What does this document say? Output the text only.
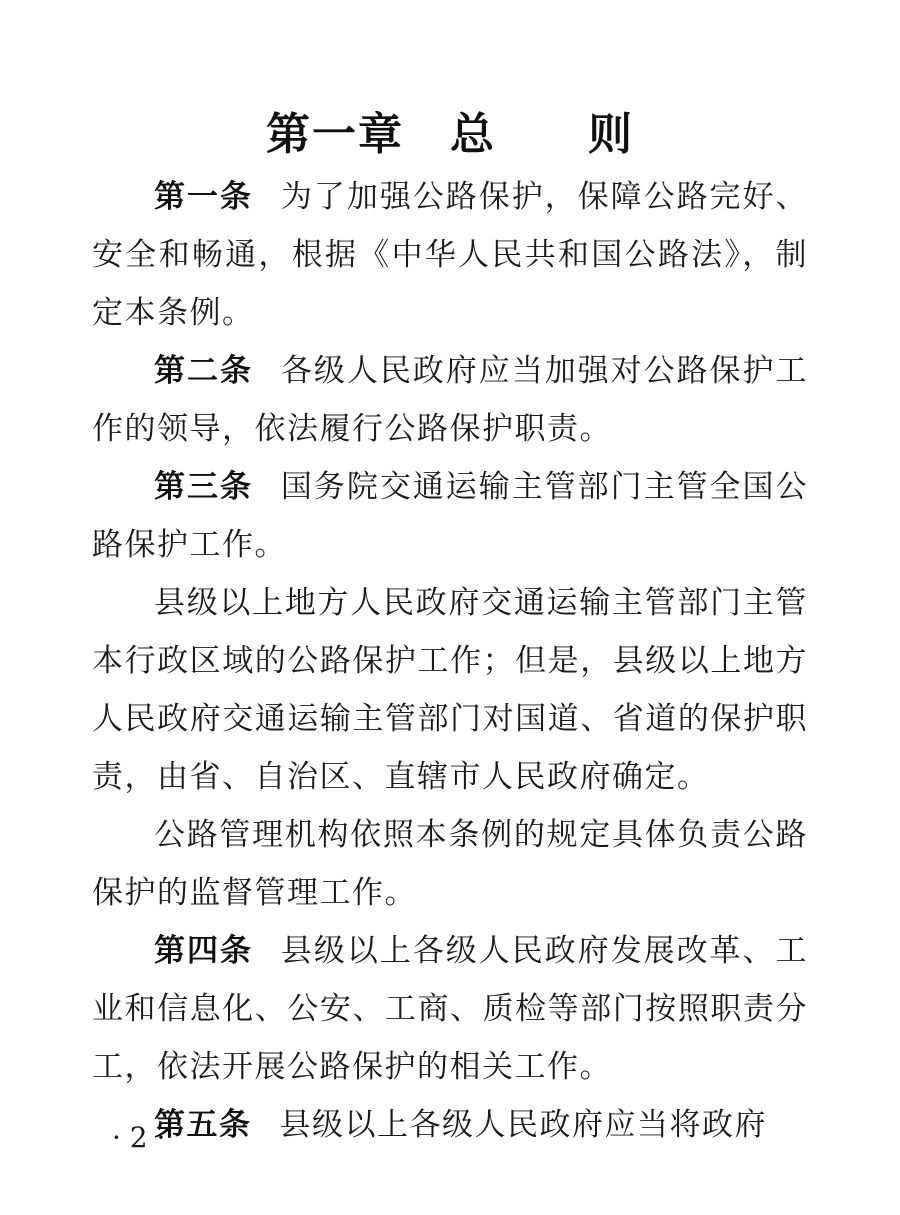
第一章 总 则

第一条 为了加强公路保护，保障公路完好、安全和畅通，根据《中华人民共和国公路法》，制定本条例。

第二条 各级人民政府应当加强对公路保护工作的领导，依法履行公路保护职责。

第三条 国务院交通运输主管部门主管全国公路保护工作。

县级以上地方人民政府交通运输主管部门主管本行政区域的公路保护工作；但是，县级以上地方人民政府交通运输主管部门对国道、省道的保护职责，由省、自治区、直辖市人民政府确定。

公路管理机构依照本条例的规定具体负责公路保护的监督管理工作。

第四条 县级以上各级人民政府发展改革、工业和信息化、公安、工商、质检等部门按照职责分工，依法开展公路保护的相关工作。

第五条 县级以上各级人民政府应当将政府

· 2 ·
